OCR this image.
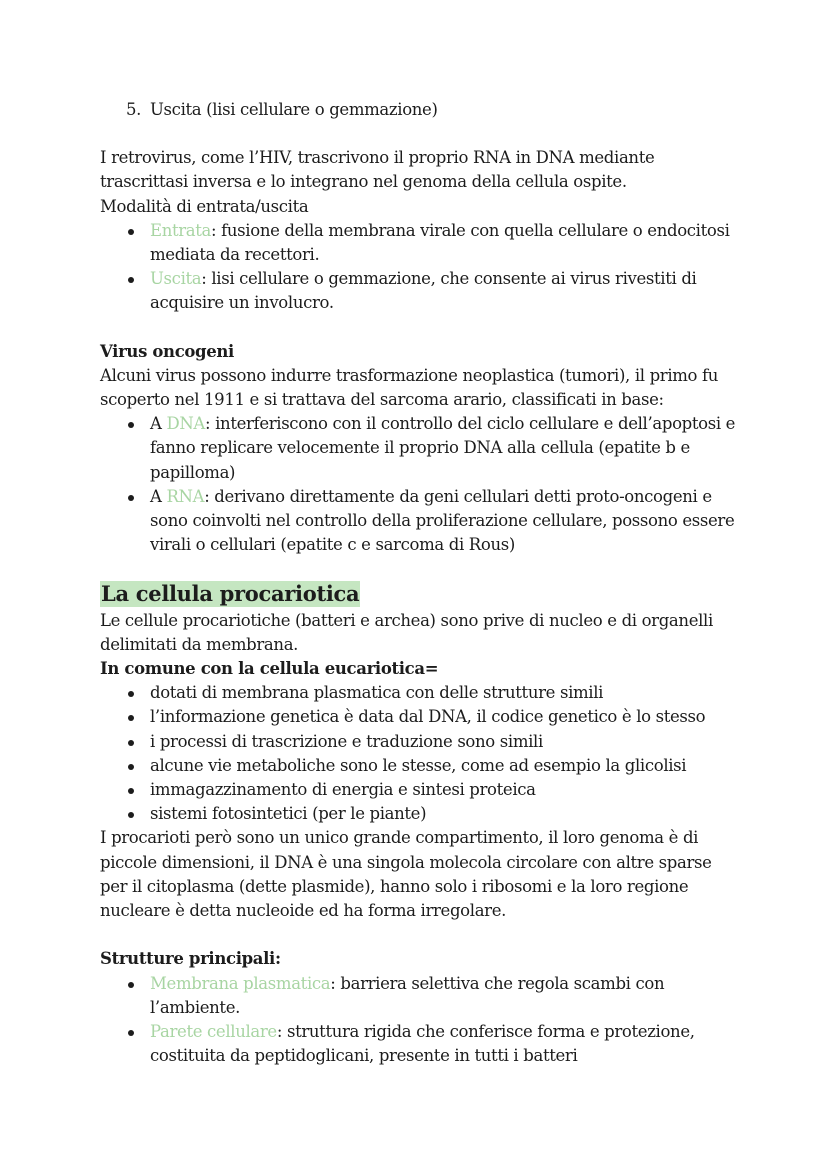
5. Uscita (lisi cellulare o gemmazione)

I retrovirus, come l’HIV, trascrivono il proprio RNA in DNA mediante
trascrittasi inversa e lo integrano nel genoma della cellula ospite.

Modalità di entrata/uscita

Entrata: fusione della membrana virale con quella cellulare o endocitosi mediata da recettori.
Uscita: lisi cellulare o gemmazione, che consente ai virus rivestiti di acquisire un involucro.

Virus oncogeni

Alcuni virus possono indurre trasformazione neoplastica (tumori), il primo fu scoperto nel 1911 e si trattava del sarcoma arario, classificati in base:

A DNA: interferiscono con il controllo del ciclo cellulare e dell’apoptosi e fanno replicare velocemente il proprio DNA alla cellula (epatite b e papilloma)
A RNA: derivano direttamente da geni cellulari detti proto-oncogeni e sono coinvolti nel controllo della proliferazione cellulare, possono essere virali o cellulari (epatite c e sarcoma di Rous)
La cellula procariotica

Le cellule procariotiche (batteri e archea) sono prive di nucleo e di organelli delimitati da membrana.

In comune con la cellula eucariotica=

dotati di membrana plasmatica con delle strutture simili
l’informazione genetica è data dal DNA, il codice genetico è lo stesso
i processi di trascrizione e traduzione sono simili
alcune vie metaboliche sono le stesse, come ad esempio la glicolisi
immagazzinamento di energia e sintesi proteica
sistemi fotosintetici (per le piante)

I procarioti però sono un unico grande compartimento, il loro genoma è di piccole dimensioni, il DNA è una singola molecola circolare con altre sparse per il citoplasma (dette plasmide), hanno solo i ribosomi e la loro regione nucleare è detta nucleoide ed ha forma irregolare.

Strutture principali:

Membrana plasmatica: barriera selettiva che regola scambi con l’ambiente.
Parete cellulare: struttura rigida che conferisce forma e protezione, costituita da peptidoglicani, presente in tutti i batteri
